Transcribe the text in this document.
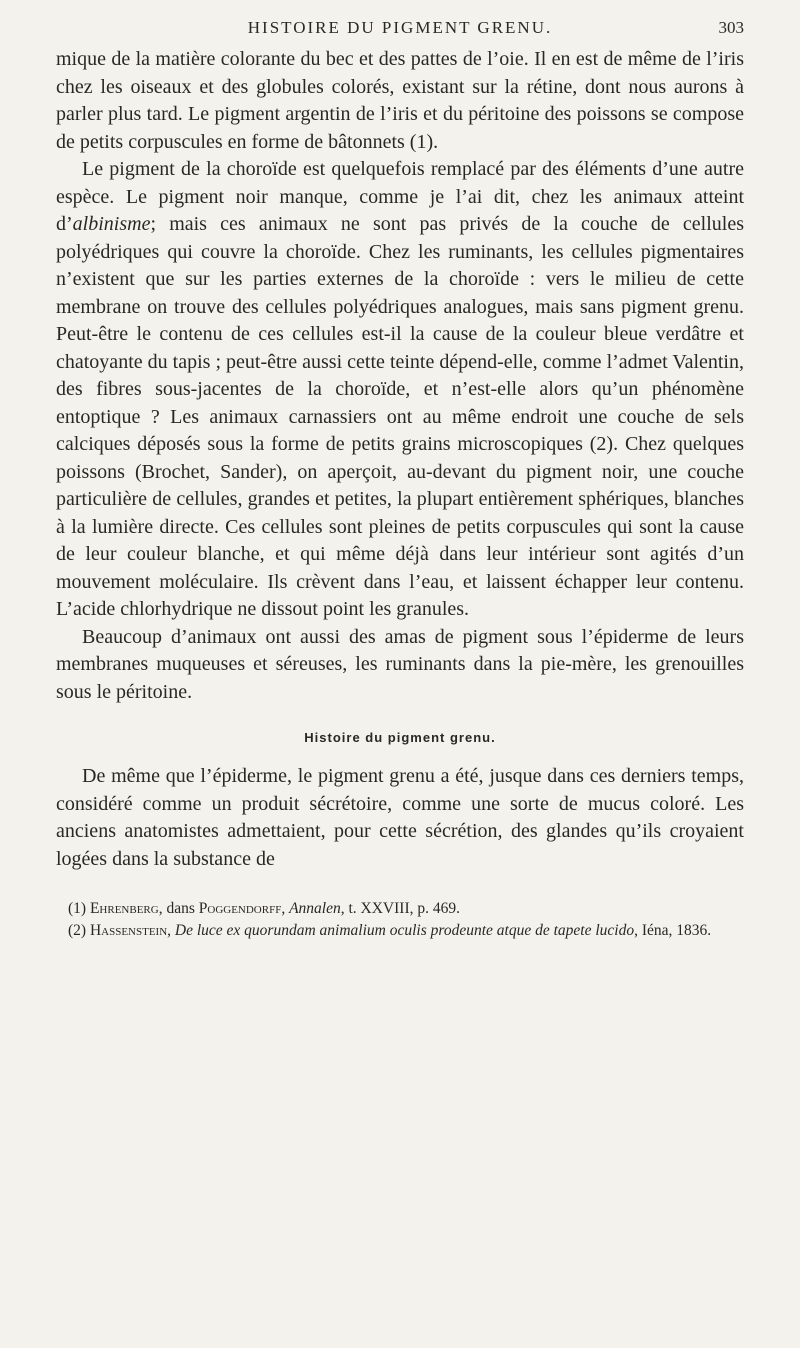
HISTOIRE DU PIGMENT GRENU.	303

mique de la matière colorante du bec et des pattes de l’oie. Il en est de même de l’iris chez les oiseaux et des globules colorés, existant sur la rétine, dont nous aurons à parler plus tard. Le pigment argentin de l’iris et du péritoine des poissons se compose de petits corpuscules en forme de bâtonnets (1).

Le pigment de la choroïde est quelquefois remplacé par des éléments d’une autre espèce. Le pigment noir manque, comme je l’ai dit, chez les animaux atteint d’albinisme; mais ces animaux ne sont pas privés de la couche de cellules polyédriques qui couvre la choroïde. Chez les ruminants, les cellules pigmentaires n’existent que sur les parties externes de la choroïde : vers le milieu de cette membrane on trouve des cellules polyédriques analogues, mais sans pigment grenu. Peut-être le contenu de ces cellules est-il la cause de la couleur bleue verdâtre et chatoyante du tapis ; peut-être aussi cette teinte dépend-elle, comme l’admet Valentin, des fibres sous-jacentes de la choroïde, et n’est-elle alors qu’un phénomène entoptique ? Les animaux carnassiers ont au même endroit une couche de sels calciques déposés sous la forme de petits grains microscopiques (2). Chez quelques poissons (Brochet, Sander), on aperçoit, au-devant du pigment noir, une couche particulière de cellules, grandes et petites, la plupart entièrement sphériques, blanches à la lumière directe. Ces cellules sont pleines de petits corpuscules qui sont la cause de leur couleur blanche, et qui même déjà dans leur intérieur sont agités d’un mouvement moléculaire. Ils crèvent dans l’eau, et laissent échapper leur contenu. L’acide chlorhydrique ne dissout point les granules.

Beaucoup d’animaux ont aussi des amas de pigment sous l’épiderme de leurs membranes muqueuses et séreuses, les ruminants dans la pie-mère, les grenouilles sous le péritoine.

Histoire du pigment grenu.

De même que l’épiderme, le pigment grenu a été, jusque dans ces derniers temps, considéré comme un produit sécrétoire, comme une sorte de mucus coloré. Les anciens anatomistes admettaient, pour cette sécrétion, des glandes qu’ils croyaient logées dans la substance de

(1) Ehrenberg, dans Poggendorff, Annalen, t. XXVIII, p. 469.

(2) Hassenstein, De luce ex quorundam animalium oculis prodeunte atque de tapete lucido, Iéna, 1836.
